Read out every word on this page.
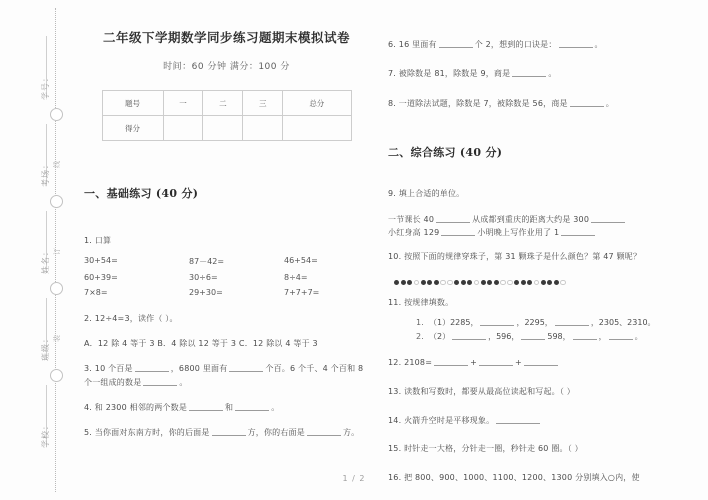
学号：
考场：
姓名：
班级：
学校：
线
订
装
二年级下学期数学同步练习题期末模拟试卷
时间：60 分钟 满分：100 分
题号	一	二	三	总分
得分				
一、基础练习 (40 分)
1. 口算
30+54=	87－42=	46+54=
60+39=	30÷6=	8÷4=
7×8=	29+30=	7+7+7=
2. 12÷4=3，读作（ ）。
A．12 除 4 等于 3 B．4 除以 12 等于 3 C．12 除以 4 等于 3
3. 10 个百是	，6800 里面有	个百。6 个千、4 个百和 8 个一组成的数是	。
4. 和 2300 相邻的两个数是	和	。
5. 当你面对东南方时，你的后面是	方，你的右面是	方。
6. 16 里面有	个 2，想到的口诀是：	。
7. 被除数是 81，除数是 9，商是	。
8. 一道除法试题，除数是 7，被除数是 56，商是	。
二、综合练习 (40 分)
9. 填上合适的单位。
一节课长 40	从成都到重庆的距离大约是 300
小红身高 129	小明晚上写作业用了 1
10. 按照下面的规律穿珠子，第 31 颗珠子是什么颜色？第 47 颗呢？
11. 按规律填数。
1. （1）2285，	，2295，	，2305、2310。
2. （2）	，596，	598，	，	。
12. 2108=	+	+
13. 读数和写数时，都要从最高位读起和写起。（ ）
14. 火箭升空时是平移现象。
15. 时针走一大格，分针走一圈，秒针走 60 圈。（ ）
16. 把 800、900、1000、1100、1200、1300 分别填入○内，使
1 / 2
